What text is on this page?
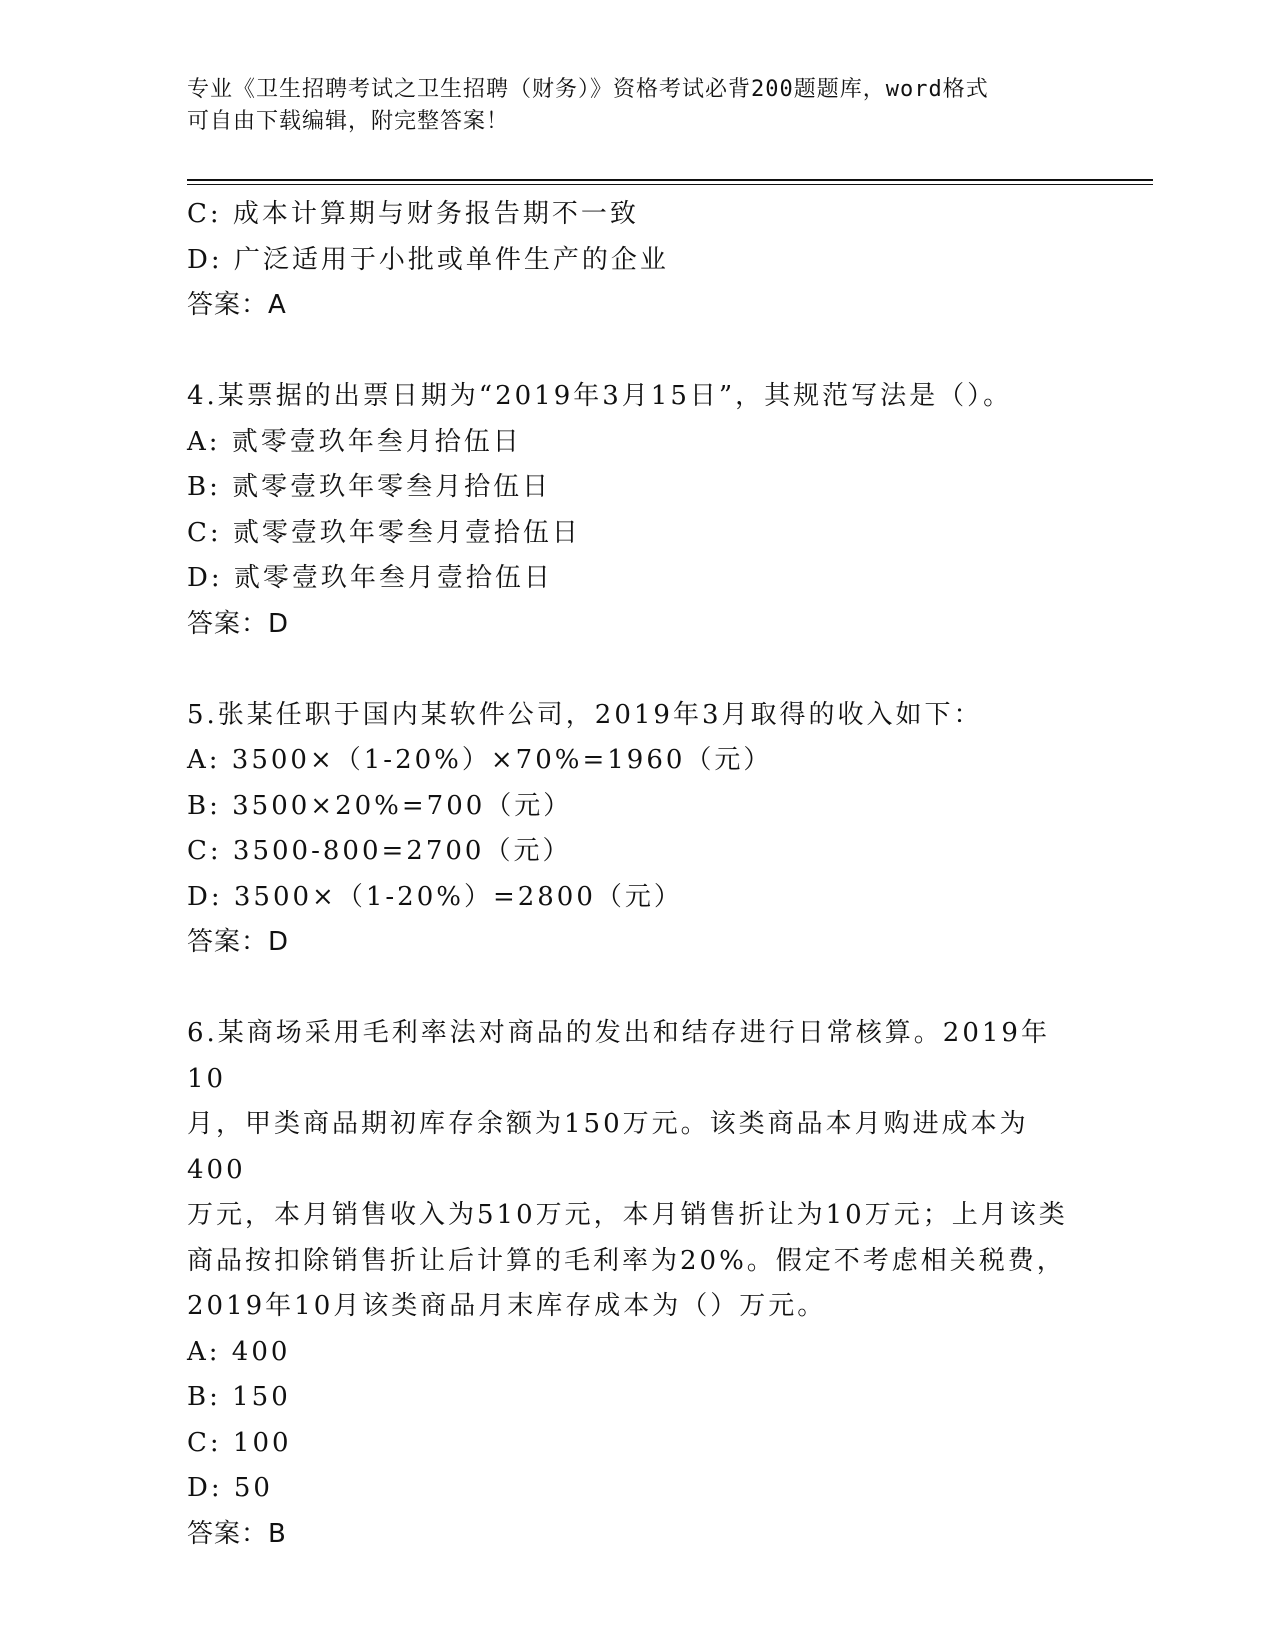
专业《卫生招聘考试之卫生招聘（财务）》资格考试必背200题题库，word格式
可自由下载编辑，附完整答案！
C: 成本计算期与财务报告期不一致
D: 广泛适用于小批或单件生产的企业
答案：A
4.某票据的出票日期为“2019年3月15日”，其规范写法是（）。
A: 贰零壹玖年叁月拾伍日
B: 贰零壹玖年零叁月拾伍日
C: 贰零壹玖年零叁月壹拾伍日
D: 贰零壹玖年叁月壹拾伍日
答案：D
5.张某任职于国内某软件公司，2019年3月取得的收入如下：
A: 3500×（1-20%）×70%=1960（元）
B: 3500×20%=700（元）
C: 3500-800=2700（元）
D: 3500×（1-20%）=2800（元）
答案：D
6.某商场采用毛利率法对商品的发出和结存进行日常核算。2019年10
月，甲类商品期初库存余额为150万元。该类商品本月购进成本为400
万元，本月销售收入为510万元，本月销售折让为10万元；上月该类
商品按扣除销售折让后计算的毛利率为20%。假定不考虑相关税费，
2019年10月该类商品月末库存成本为（）万元。
A: 400
B: 150
C: 100
D: 50
答案：B
